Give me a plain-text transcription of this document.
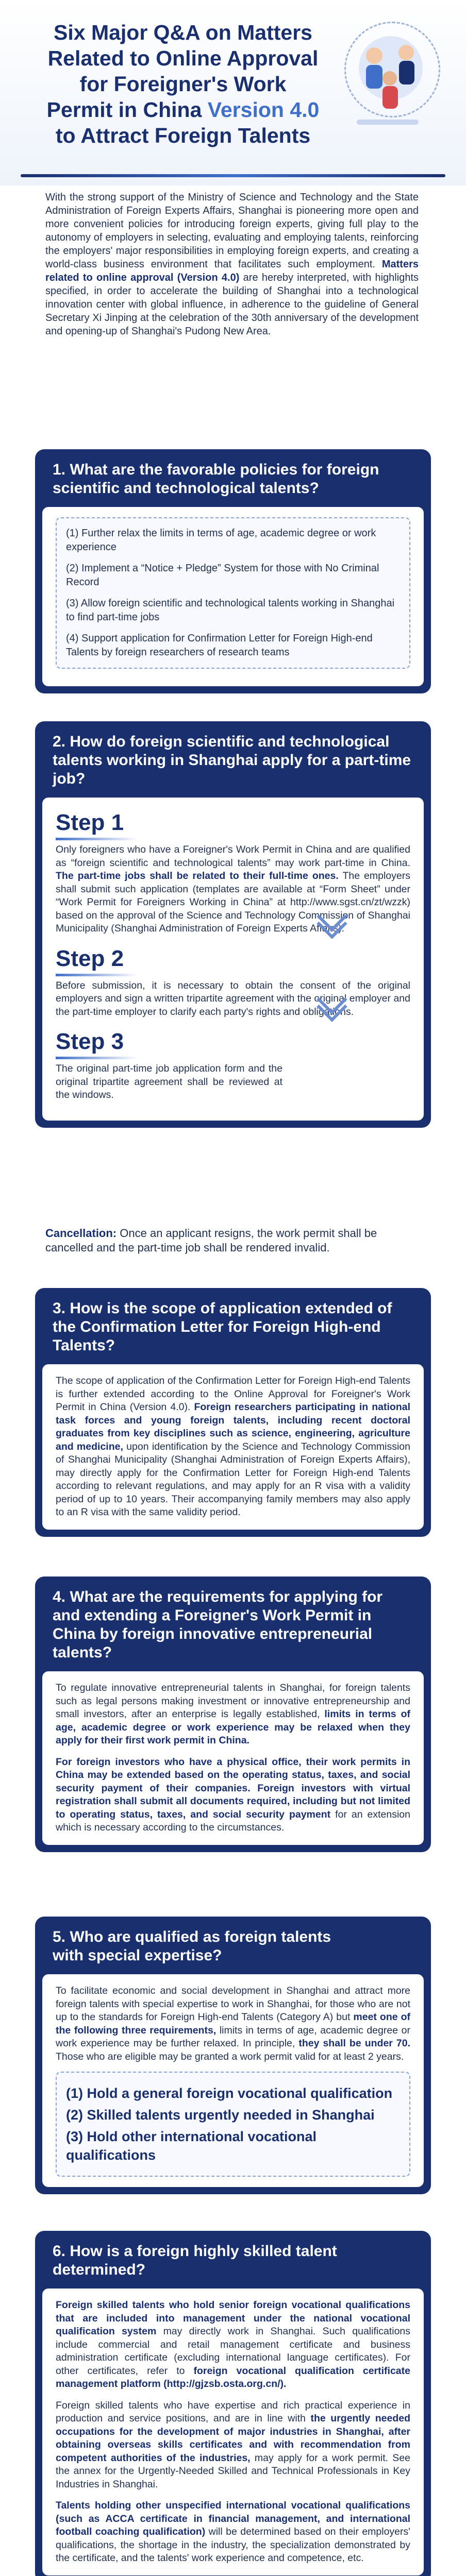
Six Major Q&A on Matters
Related to Online Approval
for Foreigner's Work
Permit in China Version 4.0
to Attract Foreign Talents
With the strong support of the Ministry of Science and Technology and the State Administration of Foreign Experts Affairs, Shanghai is pioneering more open and more convenient policies for introducing foreign experts, giving full play to the autonomy of employers in selecting, evaluating and employing talents, reinforcing the employers' major responsibilities in employing foreign experts, and creating a world-class business environment that facilitates such employment. Matters related to online approval (Version 4.0) are hereby interpreted, with highlights specified, in order to accelerate the building of Shanghai into a technological innovation center with global influence, in adherence to the guideline of General Secretary Xi Jinping at the celebration of the 30th anniversary of the development and opening-up of Shanghai's Pudong New Area.
1. What are the favorable policies for foreign scientific and technological talents?
(1) Further relax the limits in terms of age, academic degree or work experience
(2) Implement a “Notice + Pledge” System for those with No Criminal Record
(3) Allow foreign scientific and technological talents working in Shanghai to find part-time jobs
(4) Support application for Confirmation Letter for Foreign High-end Talents by foreign researchers of research teams
2. How do foreign scientific and technological talents working in Shanghai apply for a part-time job?
Step 1

Only foreigners who have a Foreigner's Work Permit in China and are qualified as “foreign scientific and technological talents” may work part-time in China. The part-time jobs shall be related to their full-time ones. The employers shall submit such application (templates are available at “Form Sheet” under “Work Permit for Foreigners Working in China” at http://www.sgst.cn/zt/wzzk) based on the approval of the Science and Technology Commission of Shanghai Municipality (Shanghai Administration of Foreign Experts Affairs).

Step 2

Before submission, it is necessary to obtain the consent of the original employers and sign a written tripartite agreement with the original employer and the part-time employer to clarify each party's rights and obligations.

Step 3

The original part-time job application form and the original tripartite agreement shall be reviewed at the windows.

Cancellation: Once an applicant resigns, the work permit shall be cancelled and the part-time job shall be rendered invalid.

3. How is the scope of application extended of the Confirmation Letter for Foreign High-end Talents?

The scope of application of the Confirmation Letter for Foreign High-end Talents is further extended according to the Online Approval for Foreigner's Work Permit in China (Version 4.0). Foreign researchers participating in national task forces and young foreign talents, including recent doctoral graduates from key disciplines such as science, engineering, agriculture and medicine, upon identification by the Science and Technology Commission of Shanghai Municipality (Shanghai Administration of Foreign Experts Affairs), may directly apply for the Confirmation Letter for Foreign High-end Talents according to relevant regulations, and may apply for an R visa with a validity period of up to 10 years. Their accompanying family members may also apply to an R visa with the same validity period.

4. What are the requirements for applying for and extending a Foreigner's Work Permit in China by foreign innovative entrepreneurial talents?

To regulate innovative entrepreneurial talents in Shanghai, for foreign talents such as legal persons making investment or innovative entrepreneurship and small investors, after an enterprise is legally established, limits in terms of age, academic degree or work experience may be relaxed when they apply for their first work permit in China.

For foreign investors who have a physical office, their work permits in China may be extended based on the operating status, taxes, and social security payment of their companies. Foreign investors with virtual registration shall submit all documents required, including but not limited to operating status, taxes, and social security payment for an extension which is necessary according to the circumstances.

5. Who are qualified as foreign talents with special expertise?

To facilitate economic and social development in Shanghai and attract more foreign talents with special expertise to work in Shanghai, for those who are not up to the standards for Foreign High-end Talents (Category A) but meet one of the following three requirements, limits in terms of age, academic degree or work experience may be further relaxed. In principle, they shall be under 70. Those who are eligible may be granted a work permit valid for at least 2 years.

(1) Hold a general foreign vocational qualification
(2) Skilled talents urgently needed in Shanghai
(3) Hold other international vocational qualifications
6. How is a foreign highly skilled talent determined?

Foreign skilled talents who hold senior foreign vocational qualifications that are included into management under the national vocational qualification system may directly work in Shanghai. Such qualifications include commercial and retail management certificate and business administration certificate (excluding international language certificates). For other certificates, refer to foreign vocational qualification certificate management platform (http://gjzsb.osta.org.cn/).

Foreign skilled talents who have expertise and rich practical experience in production and service positions, and are in line with the urgently needed occupations for the development of major industries in Shanghai, after obtaining overseas skills certificates and with recommendation from competent authorities of the industries, may apply for a work permit. See the annex for the Urgently-Needed Skilled and Technical Professionals in Key Industries in Shanghai.

Talents holding other unspecified international vocational qualifications (such as ACCA certificate in financial management, and international football coaching qualification) will be determined based on their employers' qualifications, the shortage in the industry, the specialization demonstrated by the certificate, and the talents' work experience and competence, etc.
